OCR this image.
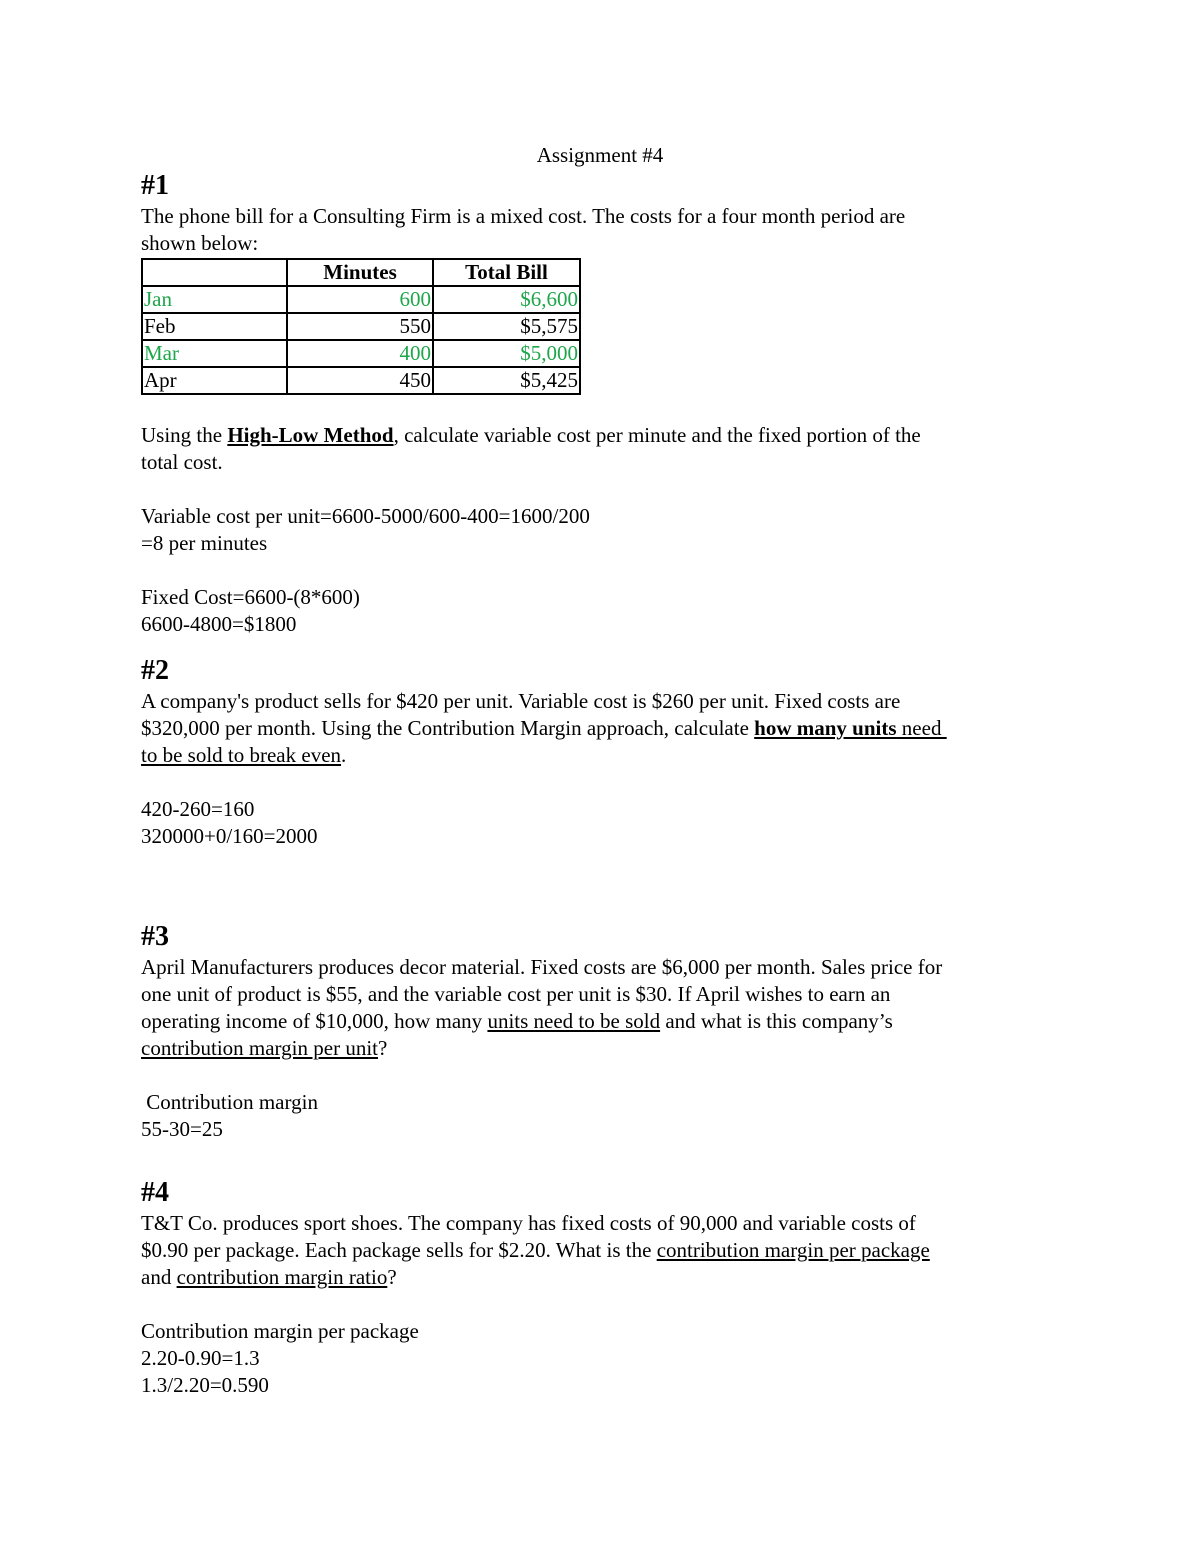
Assignment #4
#1

The phone bill for a Consulting Firm is a mixed cost. The costs for a four month period are

shown below:

	Minutes	Total Bill
Jan	600	$6,600
Feb	550	$5,575
Mar	400	$5,000
Apr	450	$5,425

Using the High-Low Method, calculate variable cost per minute and the fixed portion of the

total cost.

Variable cost per unit=6600-5000/600-400=1600/200

=8 per minutes

Fixed Cost=6600-(8*600)

6600-4800=$1800

#2

A company's product sells for $420 per unit. Variable cost is $260 per unit. Fixed costs are

$320,000 per month. Using the Contribution Margin approach, calculate how many units need

to be sold to break even.

420-260=160

320000+0/160=2000

#3

April Manufacturers produces decor material. Fixed costs are $6,000 per month. Sales price for

one unit of product is $55, and the variable cost per unit is $30. If April wishes to earn an

operating income of $10,000, how many units need to be sold and what is this company’s

contribution margin per unit?

Contribution margin

55-30=25

#4

T&T Co. produces sport shoes. The company has fixed costs of 90,000 and variable costs of

$0.90 per package. Each package sells for $2.20. What is the contribution margin per package

and contribution margin ratio?

Contribution margin per package

2.20-0.90=1.3

1.3/2.20=0.590
